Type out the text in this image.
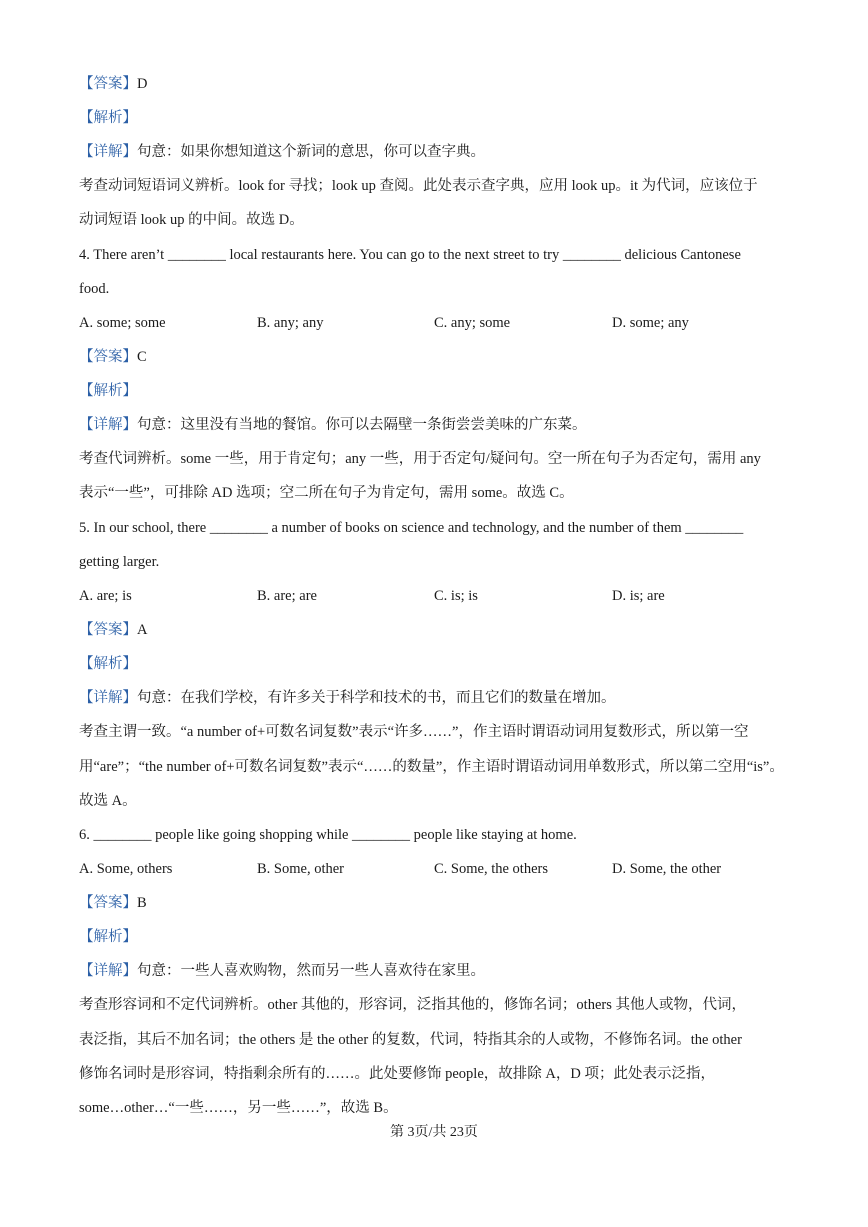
【答案】D
【解析】
【详解】句意：如果你想知道这个新词的意思，你可以查字典。
考查动词短语词义辨析。look for 寻找；look up 查阅。此处表示查字典，应用 look up。it 为代词，应该位于
动词短语 look up 的中间。故选 D。
4. There aren’t ________ local restaurants here. You can go to the next street to try ________ delicious Cantonese
food.
A. some; some	B. any; any	C. any; some	D. some; any
【答案】C
【解析】
【详解】句意：这里没有当地的餐馆。你可以去隔壁一条街尝尝美味的广东菜。
考查代词辨析。some 一些，用于肯定句；any 一些，用于否定句/疑问句。空一所在句子为否定句，需用 any
表示“一些”，可排除 AD 选项；空二所在句子为肯定句，需用 some。故选 C。
5. In our school, there ________ a number of books on science and technology, and the number of them ________
getting larger.
A. are; is	B. are; are	C. is; is	D. is; are
【答案】A
【解析】
【详解】句意：在我们学校，有许多关于科学和技术的书，而且它们的数量在增加。
考查主谓一致。“a number of+可数名词复数”表示“许多……”，作主语时谓语动词用复数形式，所以第一空
用“are”；“the number of+可数名词复数”表示“……的数量”，作主语时谓语动词用单数形式，所以第二空用“is”。
故选 A。
6. ________ people like going shopping while ________ people like staying at home.
A. Some, others	B. Some, other	C. Some, the others	D. Some, the other
【答案】B
【解析】
【详解】句意：一些人喜欢购物，然而另一些人喜欢待在家里。
考查形容词和不定代词辨析。other 其他的，形容词，泛指其他的，修饰名词；others 其他人或物，代词，
表泛指，其后不加名词；the others 是 the other 的复数，代词，特指其余的人或物，不修饰名词。the other
修饰名词时是形容词，特指剩余所有的……。此处要修饰 people，故排除 A，D 项；此处表示泛指，
some…other…“一些……，另一些……”，故选 B。
第 3页/共 23页
